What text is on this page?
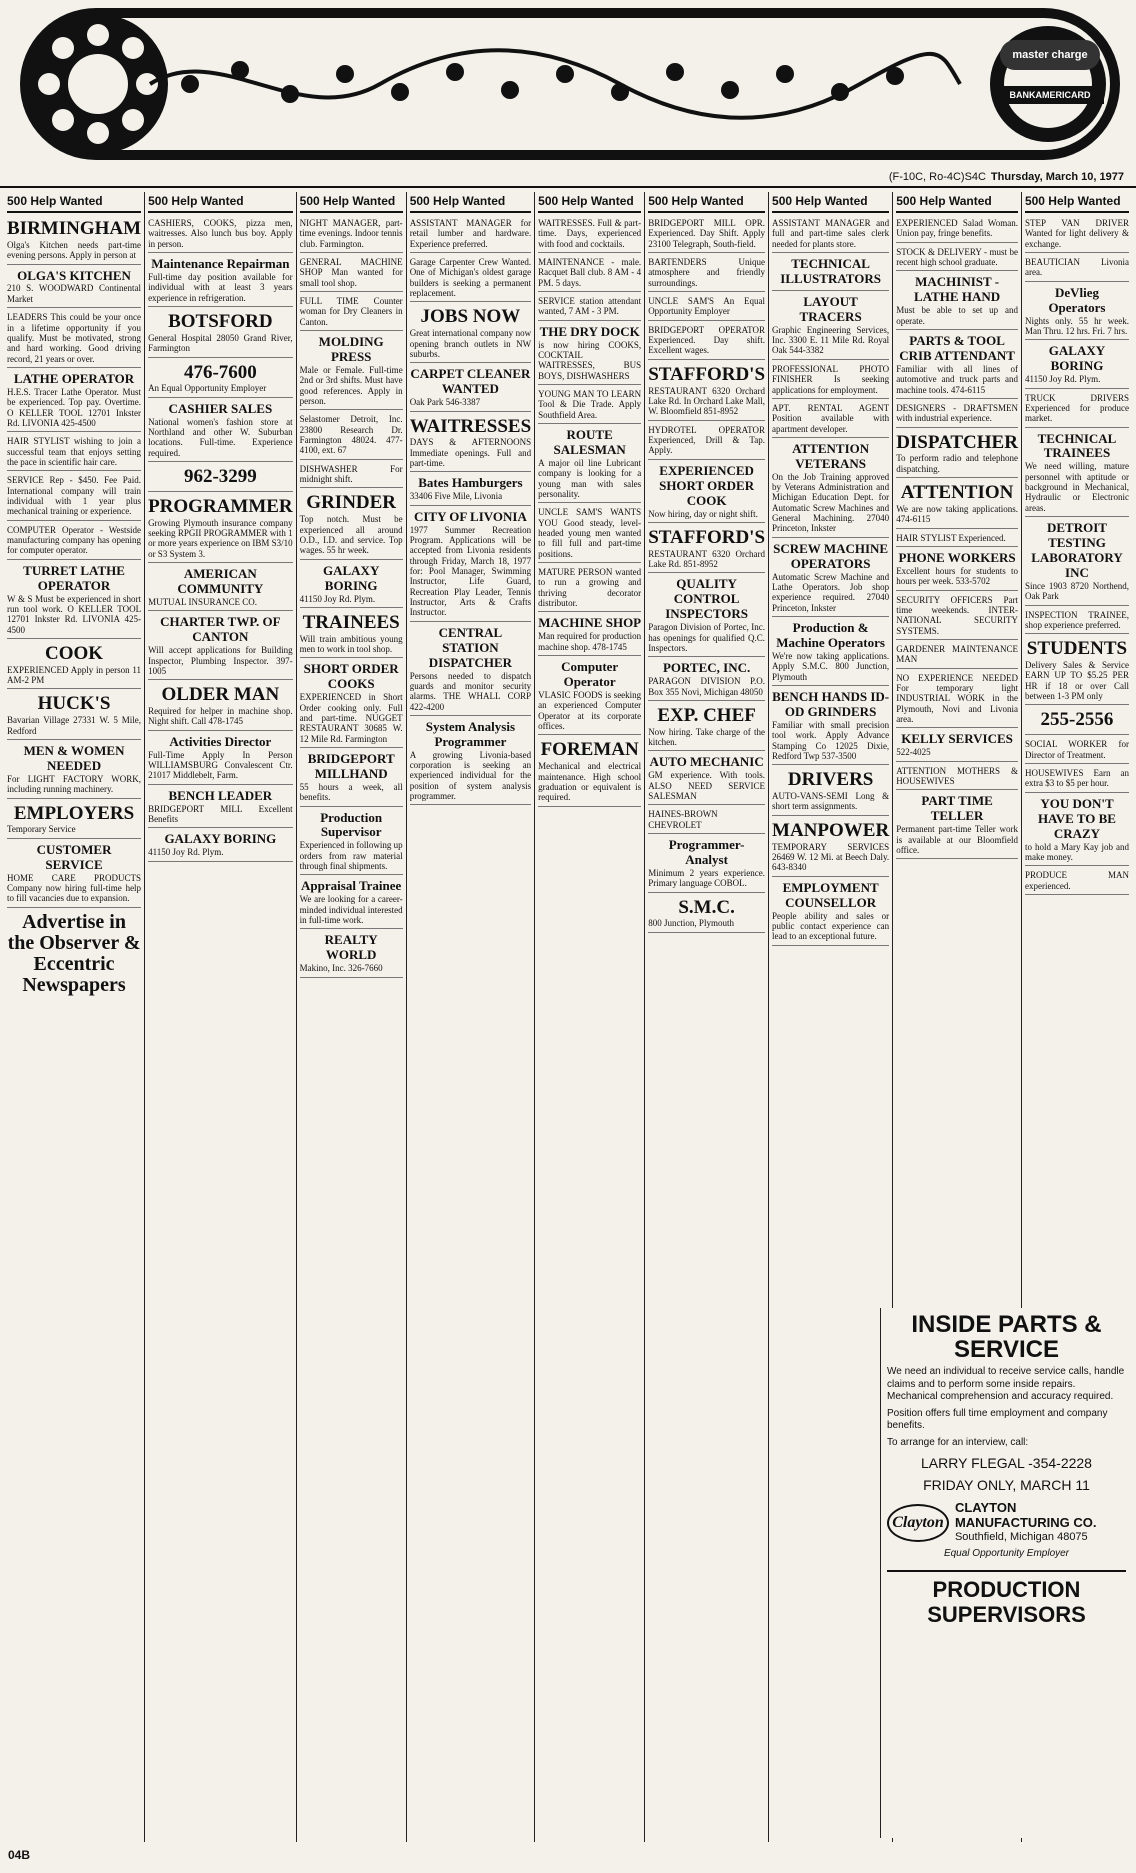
master charge
BANKAMERICARD
(F-10C, Ro-4C)S4C Thursday, March 10, 1977
500 Help Wanted
BIRMINGHAM
Olga's Kitchen needs part-time evening persons. Apply in person at
OLGA'S KITCHEN
210 S. WOODWARD Continental Market
LEADERS This could be your once in a lifetime opportunity if you qualify. Must be motivated, strong and hard working. Good driving record, 21 years or over.
LATHE OPERATOR
H.E.S. Tracer Lathe Operator. Must be experienced. Top pay. Overtime. O KELLER TOOL 12701 Inkster Rd. LIVONIA 425-4500
HAIR STYLIST wishing to join a successful team that enjoys setting the pace in scientific hair care.
SERVICE Rep - $450. Fee Paid. International company will train individual with 1 year plus mechanical training or experience.
COMPUTER Operator - Westside manufacturing company has opening for computer operator.
TURRET LATHE OPERATOR
W & S Must be experienced in short run tool work. O KELLER TOOL 12701 Inkster Rd. LIVONIA 425-4500
COOK
EXPERIENCED Apply in person 11 AM-2 PM
HUCK'S
Bavarian Village 27331 W. 5 Mile, Redford
MEN & WOMEN NEEDED
For LIGHT FACTORY WORK, including running machinery.
EMPLOYERS
Temporary Service
CUSTOMER SERVICE
HOME CARE PRODUCTS Company now hiring full-time help to fill vacancies due to expansion.
Advertise in the Observer & Eccentric Newspapers
500 Help Wanted
CASHIERS, COOKS, pizza men, waitresses. Also lunch bus boy. Apply in person.
Maintenance Repairman
Full-time day position available for individual with at least 3 years experience in refrigeration.
BOTSFORD
General Hospital 28050 Grand River, Farmington
476-7600
An Equal Opportunity Employer
CASHIER SALES
National women's fashion store at Northland and other W. Suburban locations. Full-time. Experience required.
962-3299
PROGRAMMER
Growing Plymouth insurance company seeking RPGII PROGRAMMER with 1 or more years experience on IBM S3/10 or S3 System 3.
AMERICAN COMMUNITY
MUTUAL INSURANCE CO.
CHARTER TWP. OF CANTON
Will accept applications for Building Inspector, Plumbing Inspector. 397-1005
OLDER MAN
Required for helper in machine shop. Night shift. Call 478-1745
Activities Director
Full-Time Apply In Person WILLIAMSBURG Convalescent Ctr. 21017 Middlebelt, Farm.
BENCH LEADER
BRIDGEPORT MILL Excellent Benefits
GALAXY BORING
41150 Joy Rd. Plym.
500 Help Wanted
NIGHT MANAGER, part-time evenings. Indoor tennis club. Farmington.
GENERAL MACHINE SHOP Man wanted for small tool shop.
FULL TIME Counter woman for Dry Cleaners in Canton.
MOLDING PRESS
Male or Female. Full-time 2nd or 3rd shifts. Must have good references. Apply in person.
Selastomer Detroit, Inc. 23800 Research Dr. Farmington 48024. 477-4100, ext. 67
DISHWASHER For midnight shift.
GRINDER
Top notch. Must be experienced all around O.D., I.D. and service. Top wages. 55 hr week.
GALAXY BORING
41150 Joy Rd. Plym.
TRAINEES
Will train ambitious young men to work in tool shop.
SHORT ORDER COOKS
EXPERIENCED in Short Order cooking only. Full and part-time. NUGGET RESTAURANT 30685 W. 12 Mile Rd. Farmington
BRIDGEPORT MILLHAND
55 hours a week, all benefits.
Production Supervisor
Experienced in following up orders from raw material through final shipments.
Appraisal Trainee
We are looking for a career-minded individual interested in full-time work.
REALTY WORLD
Makino, Inc. 326-7660
500 Help Wanted
ASSISTANT MANAGER for retail lumber and hardware. Experience preferred.
Garage Carpenter Crew Wanted. One of Michigan's oldest garage builders is seeking a permanent replacement.
JOBS NOW
Great international company now opening branch outlets in NW suburbs.
CARPET CLEANER WANTED
Oak Park 546-3387
WAITRESSES
DAYS & AFTERNOONS Immediate openings. Full and part-time.
Bates Hamburgers
33406 Five Mile, Livonia
CITY OF LIVONIA
1977 Summer Recreation Program. Applications will be accepted from Livonia residents through Friday, March 18, 1977 for: Pool Manager, Swimming Instructor, Life Guard, Recreation Play Leader, Tennis Instructor, Arts & Crafts Instructor.
CENTRAL STATION DISPATCHER
Persons needed to dispatch guards and monitor security alarms. THE WHALL CORP 422-4200
System Analysis Programmer
A growing Livonia-based corporation is seeking an experienced individual for the position of system analysis programmer.
500 Help Wanted
WAITRESSES. Full & part-time. Days, experienced with food and cocktails.
MAINTENANCE - male. Racquet Ball club. 8 AM - 4 PM. 5 days.
SERVICE station attendant wanted, 7 AM - 3 PM.
THE DRY DOCK
is now hiring COOKS, COCKTAIL WAITRESSES, BUS BOYS, DISHWASHERS
YOUNG MAN TO LEARN Tool & Die Trade. Apply Southfield Area.
ROUTE SALESMAN
A major oil line Lubricant company is looking for a young man with sales personality.
UNCLE SAM'S WANTS YOU Good steady, level-headed young men wanted to fill full and part-time positions.
MATURE PERSON wanted to run a growing and thriving decorator distributor.
MACHINE SHOP
Man required for production machine shop. 478-1745
Computer Operator
VLASIC FOODS is seeking an experienced Computer Operator at its corporate offices.
FOREMAN
Mechanical and electrical maintenance. High school graduation or equivalent is required.
500 Help Wanted
BRIDGEPORT MILL OPR. Experienced. Day Shift. Apply 23100 Telegraph, South-field.
BARTENDERS Unique atmosphere and friendly surroundings.
UNCLE SAM'S An Equal Opportunity Employer
BRIDGEPORT OPERATOR Experienced. Day shift. Excellent wages.
STAFFORD'S
RESTAURANT 6320 Orchard Lake Rd. In Orchard Lake Mall, W. Bloomfield 851-8952
HYDROTEL OPERATOR Experienced, Drill & Tap. Apply.
EXPERIENCED SHORT ORDER COOK
Now hiring, day or night shift.
STAFFORD'S
RESTAURANT 6320 Orchard Lake Rd. 851-8952
QUALITY CONTROL INSPECTORS
Paragon Division of Portec, Inc. has openings for qualified Q.C. Inspectors.
PORTEC, INC.
PARAGON DIVISION P.O. Box 355 Novi, Michigan 48050
EXP. CHEF
Now hiring. Take charge of the kitchen.
AUTO MECHANIC
GM experience. With tools. ALSO NEED SERVICE SALESMAN
HAINES-BROWN CHEVROLET
Programmer-Analyst
Minimum 2 years experience. Primary language COBOL.
S.M.C.
800 Junction, Plymouth
500 Help Wanted
ASSISTANT MANAGER and full and part-time sales clerk needed for plants store.
TECHNICAL ILLUSTRATORS
LAYOUT TRACERS
Graphic Engineering Services, Inc. 3300 E. 11 Mile Rd. Royal Oak 544-3382
PROFESSIONAL PHOTO FINISHER Is seeking applications for employment.
APT. RENTAL AGENT Position available with apartment developer.
ATTENTION VETERANS
On the Job Training approved by Veterans Administration and Michigan Education Dept. for Automatic Screw Machines and General Machining. 27040 Princeton, Inkster
SCREW MACHINE OPERATORS
Automatic Screw Machine and Lathe Operators. Job shop experience required. 27040 Princeton, Inkster
Production & Machine Operators
We're now taking applications. Apply S.M.C. 800 Junction, Plymouth
BENCH HANDS ID-OD GRINDERS
Familiar with small precision tool work. Apply Advance Stamping Co 12025 Dixie, Redford Twp 537-3500
DRIVERS
AUTO-VANS-SEMI Long & short term assignments.
MANPOWER
TEMPORARY SERVICES 26469 W. 12 Mi. at Beech Daly. 643-8340
EMPLOYMENT COUNSELLOR
People ability and sales or public contact experience can lead to an exceptional future.
500 Help Wanted
EXPERIENCED Salad Woman. Union pay, fringe benefits.
STOCK & DELIVERY - must be recent high school graduate.
MACHINIST - LATHE HAND
Must be able to set up and operate.
PARTS & TOOL CRIB ATTENDANT
Familiar with all lines of automotive and truck parts and machine tools. 474-6115
DESIGNERS - DRAFTSMEN with industrial experience.
DISPATCHER
To perform radio and telephone dispatching.
ATTENTION
We are now taking applications. 474-6115
HAIR STYLIST Experienced.
PHONE WORKERS
Excellent hours for students to hours per week. 533-5702
SECURITY OFFICERS Part time weekends. INTER-NATIONAL SECURITY SYSTEMS.
GARDENER MAINTENANCE MAN
NO EXPERIENCE NEEDED For temporary light INDUSTRIAL WORK in the Plymouth, Novi and Livonia area.
KELLY SERVICES
522-4025
ATTENTION MOTHERS & HOUSEWIVES
PART TIME TELLER
Permanent part-time Teller work is available at our Bloomfield office.
500 Help Wanted
STEP VAN DRIVER Wanted for light delivery & exchange.
BEAUTICIAN Livonia area.
DeVlieg Operators
Nights only. 55 hr week. Man Thru. 12 hrs. Fri. 7 hrs.
GALAXY BORING
41150 Joy Rd. Plym.
TRUCK DRIVERS Experienced for produce market.
TECHNICAL TRAINEES
We need willing, mature personnel with aptitude or background in Mechanical, Hydraulic or Electronic areas.
DETROIT TESTING LABORATORY INC
Since 1903 8720 Northend, Oak Park
INSPECTION TRAINEE, shop experience preferred.
STUDENTS
Delivery Sales & Service EARN UP TO $5.25 PER HR if 18 or over Call between 1-3 PM only
255-2556
SOCIAL WORKER for Director of Treatment.
HOUSEWIVES Earn an extra $3 to $5 per hour.
YOU DON'T HAVE TO BE CRAZY
to hold a Mary Kay job and make money.
PRODUCE MAN experienced.
INSIDE PARTS & SERVICE
We need an individual to receive service calls, handle claims and to perform some inside repairs. Mechanical comprehension and accuracy required.
Position offers full time employment and company benefits.
To arrange for an interview, call:
LARRY FLEGAL -354-2228
FRIDAY ONLY, MARCH 11
Clayton
CLAYTON MANUFACTURING CO.
Southfield, Michigan 48075
Equal Opportunity Employer
PRODUCTION SUPERVISORS
04B
